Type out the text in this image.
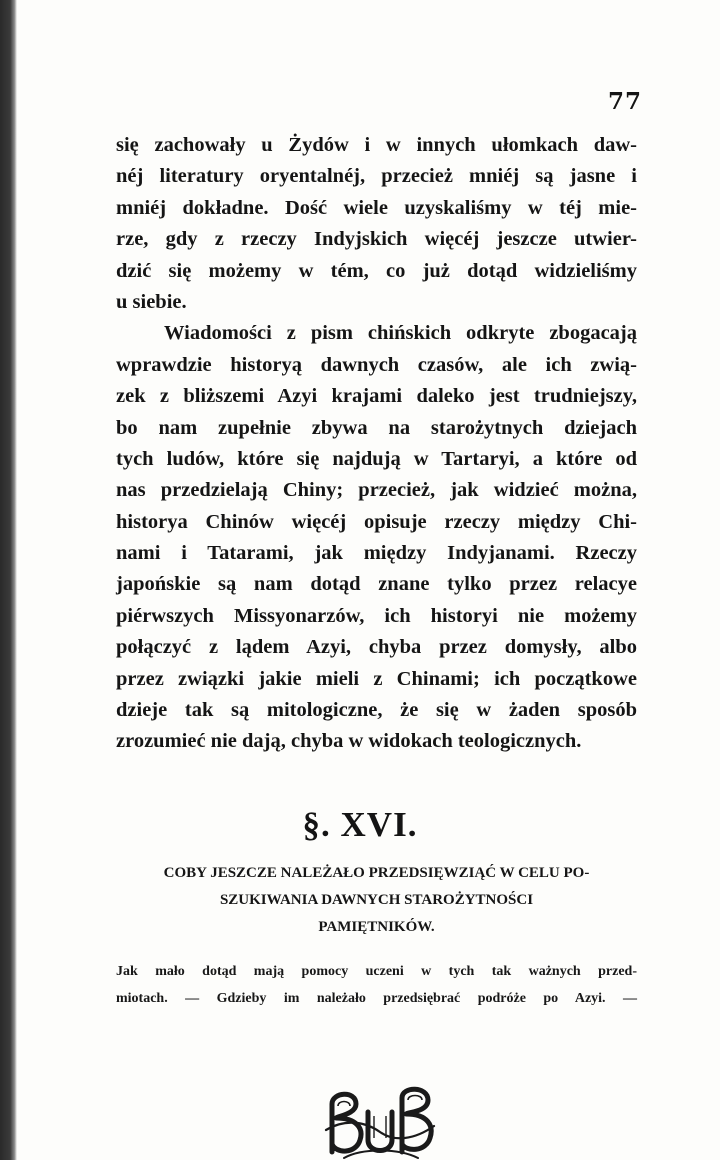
77
się zachowały u Żydów i w innych ułomkach daw-
néj literatury oryentalnéj, przecież mniéj są jasne i
mniéj dokładne. Dość wiele uzyskaliśmy w téj mie-
rze, gdy z rzeczy Indyjskich więcéj jeszcze utwier-
dzić się możemy w tém, co już dotąd widzieliśmy
u siebie.
Wiadomości z pism chińskich odkryte zbogacają
wprawdzie historyą dawnych czasów, ale ich zwią-
zek z bliższemi Azyi krajami daleko jest trudniejszy,
bo nam zupełnie zbywa na starożytnych dziejach
tych ludów, które się najdują w Tartaryi, a które od
nas przedzielają Chiny; przecież, jak widzieć można,
historya Chinów więcéj opisuje rzeczy między Chi-
nami i Tatarami, jak między Indyjanami. Rzeczy
japońskie są nam dotąd znane tylko przez relacye
piérwszych Missyonarzów, ich historyi nie możemy
połączyć z lądem Azyi, chyba przez domysły, albo
przez związki jakie mieli z Chinami; ich początkowe
dzieje tak są mitologiczne, że się w żaden sposób
zrozumieć nie dają, chyba w widokach teologicznych.
§. XVI.
COBY JESZCZE NALEŻAŁO PRZEDSIĘWZIĄĆ W CELU PO-
SZUKIWANIA DAWNYCH STAROŻYTNOŚCI
PAMIĘTNIKÓW.
Jak mało dotąd mają pomocy uczeni w tych tak ważnych przed-
miotach. — Gdzieby im należało przedsiębrać podróże po Azyi. —
